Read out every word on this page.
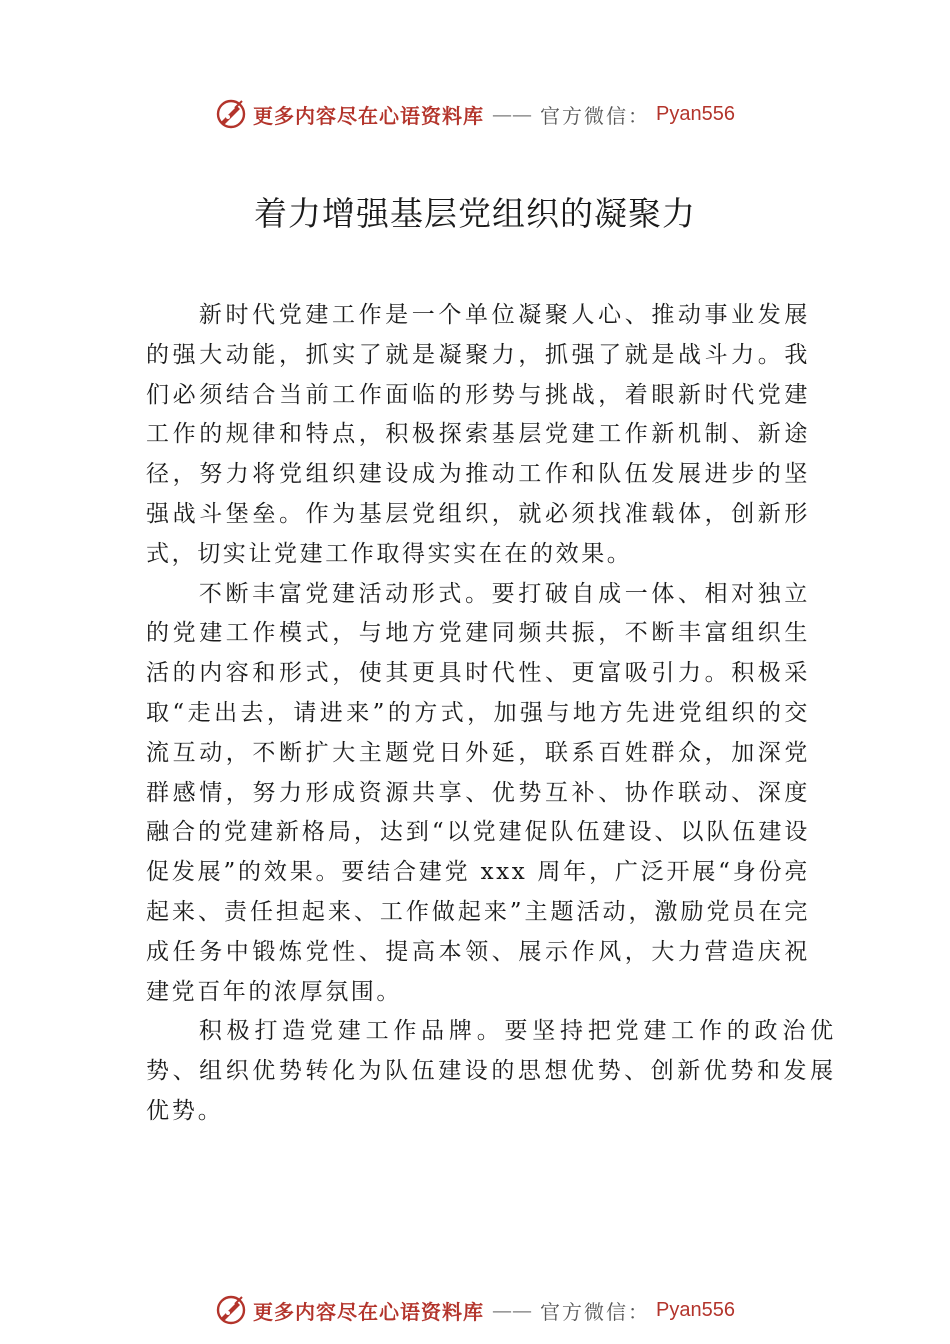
更多内容尽在心语资料库 —— 官方微信： Pyan556
着力增强基层党组织的凝聚力

新时代党建工作是一个单位凝聚人心、推动事业发展的强大动能，抓实了就是凝聚力，抓强了就是战斗力。我们必须结合当前工作面临的形势与挑战，着眼新时代党建工作的规律和特点，积极探索基层党建工作新机制、新途径，努力将党组织建设成为推动工作和队伍发展进步的坚强战斗堡垒。作为基层党组织，就必须找准载体，创新形式，切实让党建工作取得实实在在的效果。

不断丰富党建活动形式。要打破自成一体、相对独立的党建工作模式，与地方党建同频共振，不断丰富组织生活的内容和形式，使其更具时代性、更富吸引力。积极采取“走出去，请进来”的方式，加强与地方先进党组织的交流互动，不断扩大主题党日外延，联系百姓群众，加深党群感情，努力形成资源共享、优势互补、协作联动、深度融合的党建新格局，达到“以党建促队伍建设、以队伍建设促发展”的效果。要结合建党 xxx 周年，广泛开展“身份亮起来、责任担起来、工作做起来”主题活动，激励党员在完成任务中锻炼党性、提高本领、展示作风，大力营造庆祝建党百年的浓厚氛围。

积极打造党建工作品牌。要坚持把党建工作的政治优势、组织优势转化为队伍建设的思想优势、创新优势和发展优势。

更多内容尽在心语资料库 —— 官方微信： Pyan556
